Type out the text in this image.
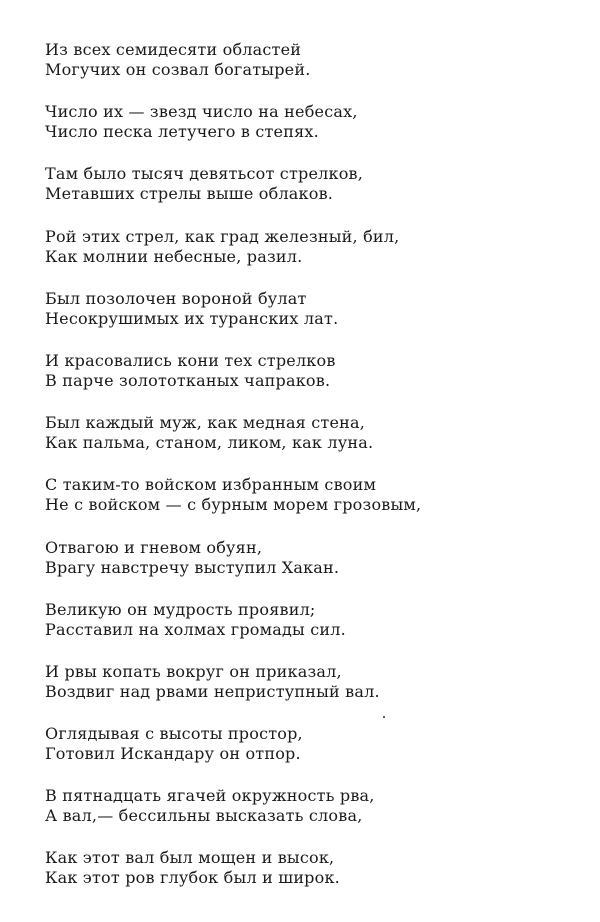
Из всех семидесяти областей
Могучих он созвал богатырей.
Число их — звезд число на небесах,
Число песка летучего в степях.
Там было тысяч девятьсот стрелков,
Метавших стрелы выше облаков.
Рой этих стрел, как град железный, бил,
Как молнии небесные, разил.
Был позолочен вороной булат
Несокрушимых их туранских лат.
И красовались кони тех стрелков
В парче золототканых чапраков.
Был каждый муж, как медная стена,
Как пальма, станом, ликом, как луна.
С таким-то войском избранным своим
Не с войском — с бурным морем грозовым,
Отвагою и гневом обуян,
Врагу навстречу выступил Хакан.
Великую он мудрость проявил;
Расставил на холмах громады сил.
И рвы копать вокруг он приказал,
Воздвиг над рвами неприступный вал.
Оглядывая с высоты простор,
Готовил Искандару он отпор.
В пятнадцать ягачей окружность рва,
А вал,— бессильны высказать слова,
Как этот вал был мощен и высок,
Как этот ров глубок был и широк.
